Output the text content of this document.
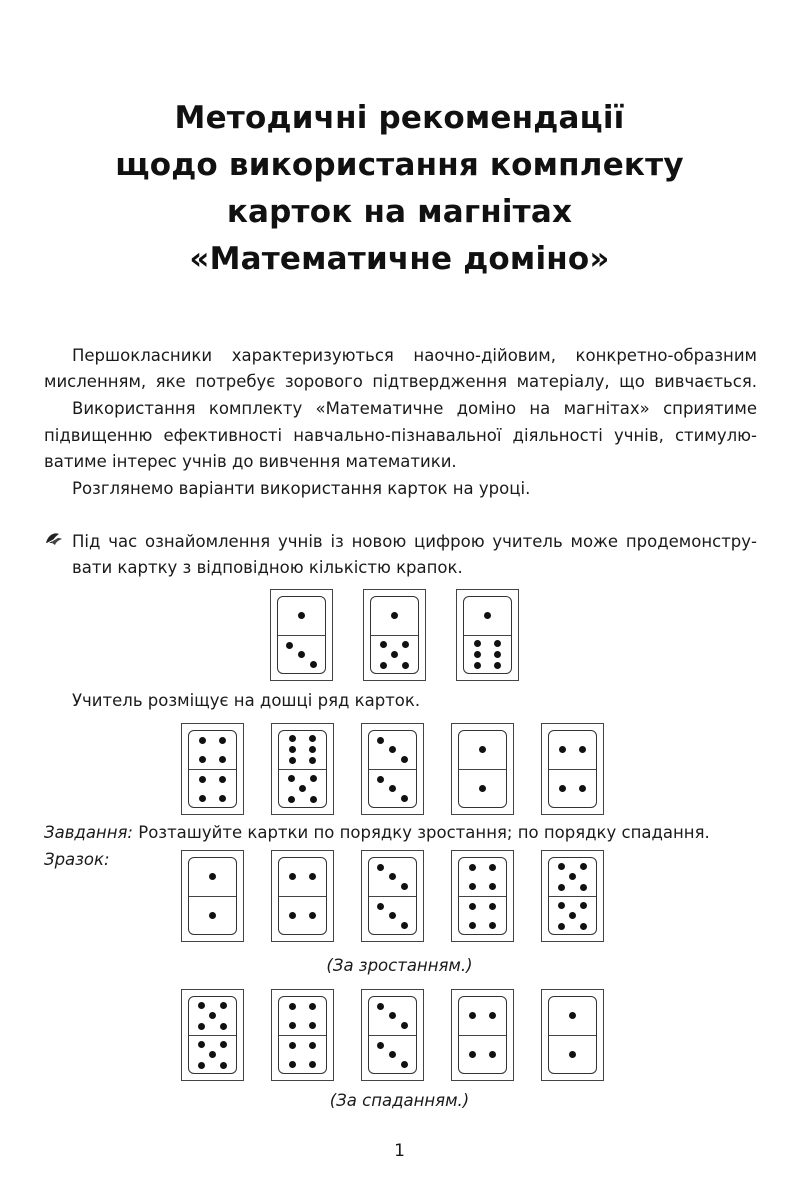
Методичні рекомендації
щодо використання комплекту
карток на магнітах
«Математичне доміно»
Першокласники характеризуються наочно-дійовим, конкретно-образним
мисленням, яке потребує зорового підтвердження матеріалу, що вивчається.
Використання комплекту «Математичне доміно на магнітах» сприятиме
підвищенню ефективності навчально-пізнавальної діяльності учнів, стимулю-
ватиме інтерес учнів до вивчення математики.
Розглянемо варіанти використання карток на уроці.
Під час ознайомлення учнів із новою цифрою учитель може продемонстру-
вати картку з відповідною кількістю крапок.
Учитель розміщує на дошці ряд карток.
Завдання: Розташуйте картки по порядку зростання; по порядку спадання.
Зразок:
(За зростанням.)
(За спаданням.)
1
